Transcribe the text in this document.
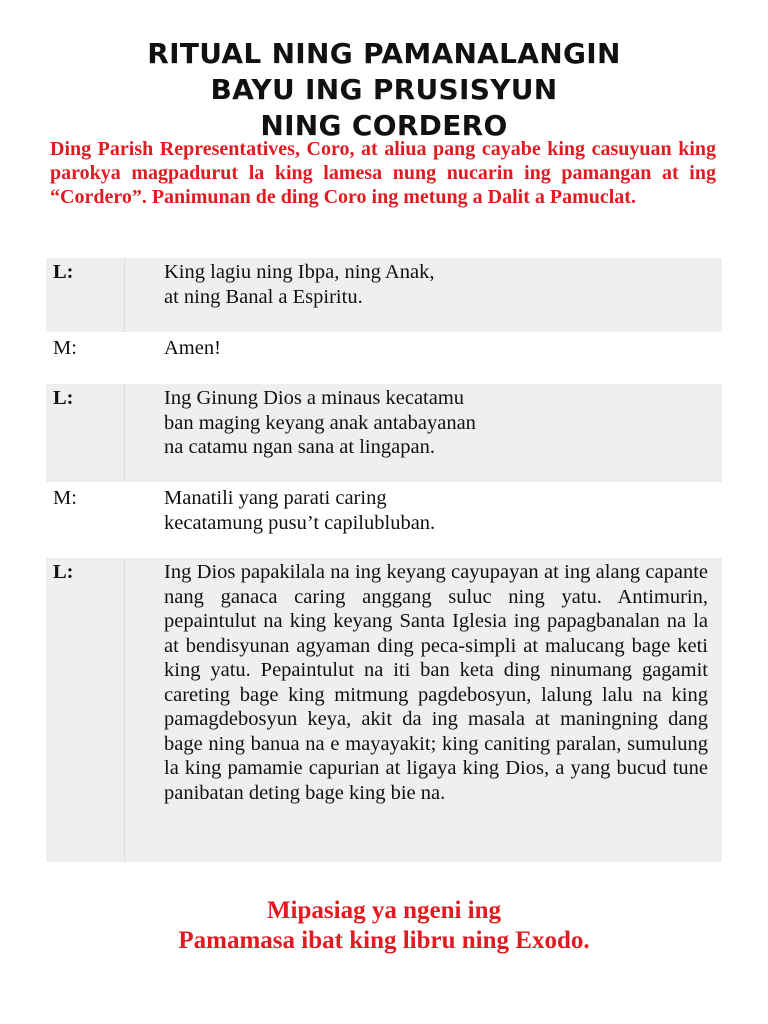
RITUAL NING PAMANALANGIN
BAYU ING PRUSISYUN
NING CORDERO
Ding Parish Representatives, Coro, at aliua pang cayabe king casuyuan king parokya magpadurut la king lamesa nung nucarin ing pamangan at ing “Cordero”. Panimunan de ding Coro ing metung a Dalit a Pamuclat.
L:	King lagiu ning Ibpa, ning Anak,
at ning Banal a Espiritu.
M:	Amen!
L:	Ing Ginung Dios a minaus kecatamu
ban maging keyang anak antabayanan
na catamu ngan sana at lingapan.
M:	Manatili yang parati caring
kecatamung pusu’t capilubluban.
L:	Ing Dios papakilala na ing keyang cayupayan at ing alang capante nang ganaca caring anggang suluc ning yatu. Antimurin, pepaintulut na king keyang Santa Iglesia ing papagbanalan na la at bendisyunan agyaman ding peca-simpli at malucang bage keti king yatu. Pepaintulut na iti ban keta ding ninumang gagamit careting bage king mitmung pagdebosyun, lalung lalu na king pamagdebosyun keya, akit da ing masala at maningning dang bage ning banua na e mayayakit; king caniting paralan, sumulung la king pamamie capurian at ligaya king Dios, a yang bucud tune panibatan deting bage king bie na.
Mipasiag ya ngeni ing
Pamamasa ibat king libru ning Exodo.
